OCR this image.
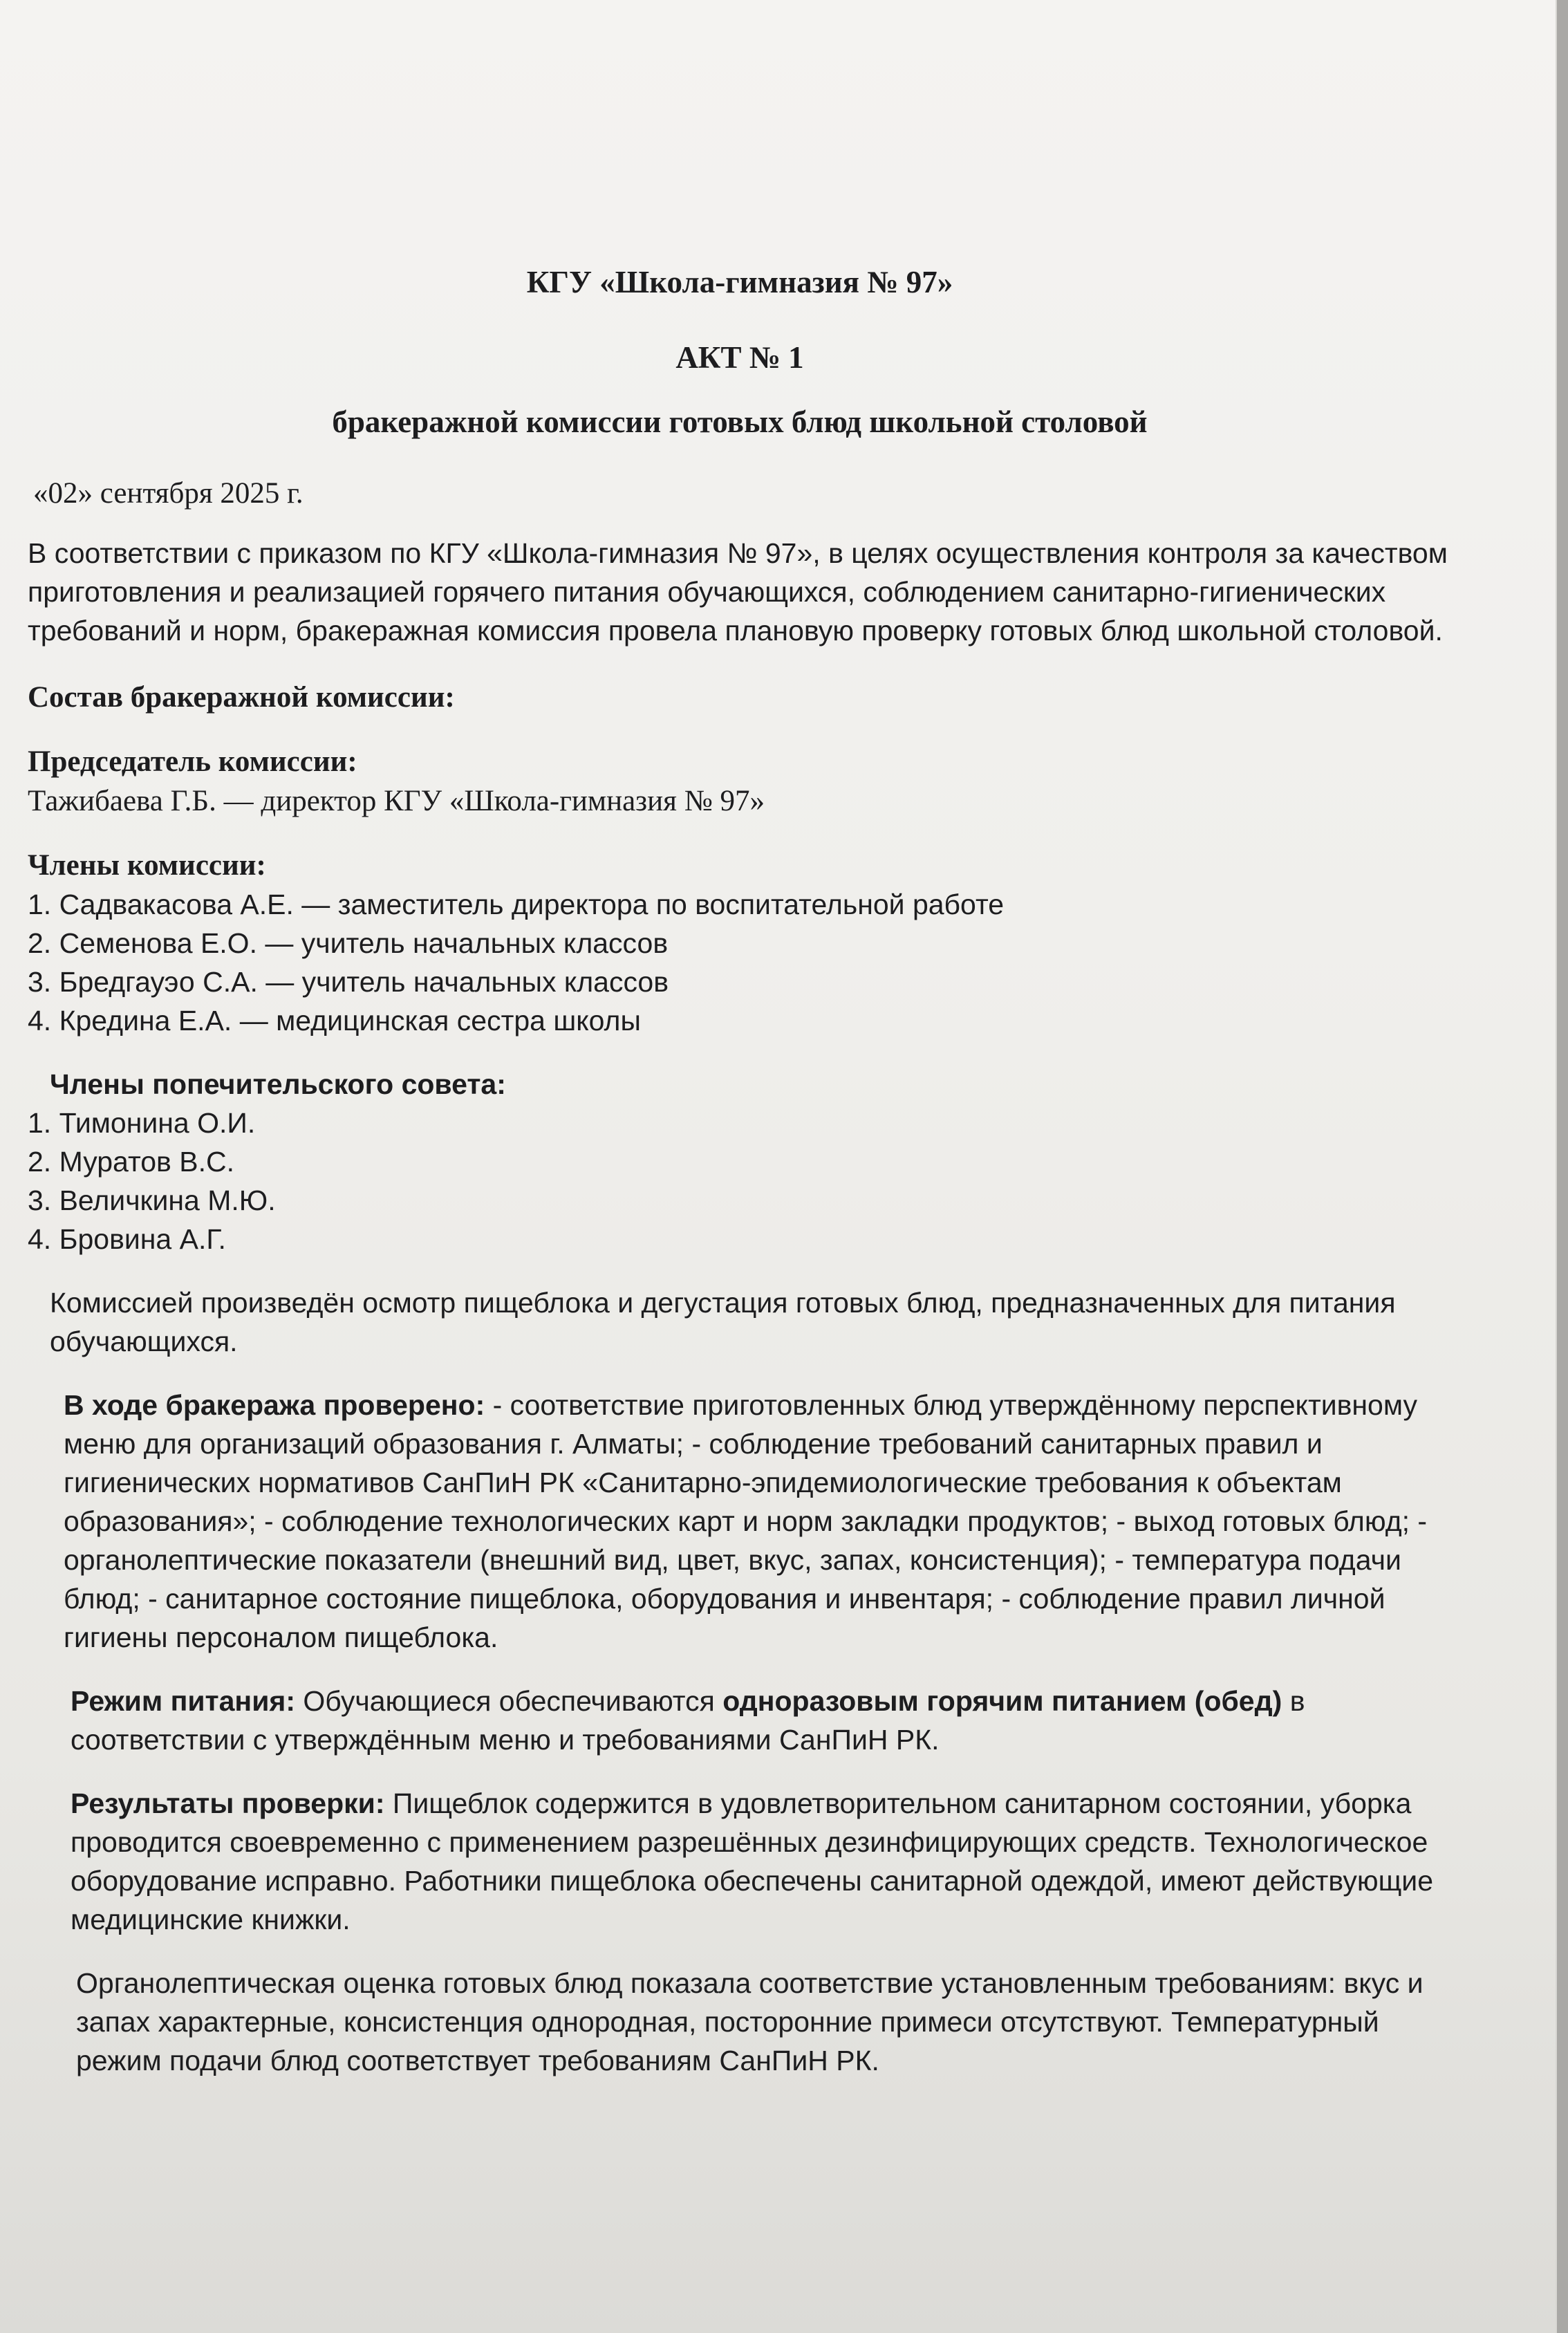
КГУ «Школа-гимназия № 97»

АКТ № 1

бракеражной комиссии готовых блюд школьной столовой

«02» сентября 2025 г.

В соответствии с приказом по КГУ «Школа-гимназия № 97», в целях осуществления контроля за качеством приготовления и реализацией горячего питания обучающихся, соблюдением санитарно-гигиенических требований и норм, бракеражная комиссия провела плановую проверку готовых блюд школьной столовой.

Состав бракеражной комиссии:

Председатель комиссии:

Тажибаева Г.Б. — директор КГУ «Школа-гимназия № 97»

Члены комиссии:

1. Садвакасова А.Е. — заместитель директора по воспитательной работе
2. Семенова Е.О. — учитель начальных классов
3. Бредгауэо С.А. — учитель начальных классов
4. Кредина Е.А. — медицинская сестра школы

Члены попечительского совета:

1. Тимонина О.И.
2. Муратов В.С.
3. Величкина М.Ю.
4. Бровина А.Г.

Комиссией произведён осмотр пищеблока и дегустация готовых блюд, предназначенных для питания обучающихся.

В ходе бракеража проверено: - соответствие приготовленных блюд утверждённому перспективному меню для организаций образования г. Алматы; - соблюдение требований санитарных правил и гигиенических нормативов СанПиН РК «Санитарно-эпидемиологические требования к объектам образования»; - соблюдение технологических карт и норм закладки продуктов; - выход готовых блюд; - органолептические показатели (внешний вид, цвет, вкус, запах, консистенция); - температура подачи блюд; - санитарное состояние пищеблока, оборудования и инвентаря; - соблюдение правил личной гигиены персоналом пищеблока.

Режим питания: Обучающиеся обеспечиваются одноразовым горячим питанием (обед) в соответствии с утверждённым меню и требованиями СанПиН РК.

Результаты проверки: Пищеблок содержится в удовлетворительном санитарном состоянии, уборка проводится своевременно с применением разрешённых дезинфицирующих средств. Технологическое оборудование исправно. Работники пищеблока обеспечены санитарной одеждой, имеют действующие медицинские книжки.

Органолептическая оценка готовых блюд показала соответствие установленным требованиям: вкус и запах характерные, консистенция однородная, посторонние примеси отсутствуют. Температурный режим подачи блюд соответствует требованиям СанПиН РК.
